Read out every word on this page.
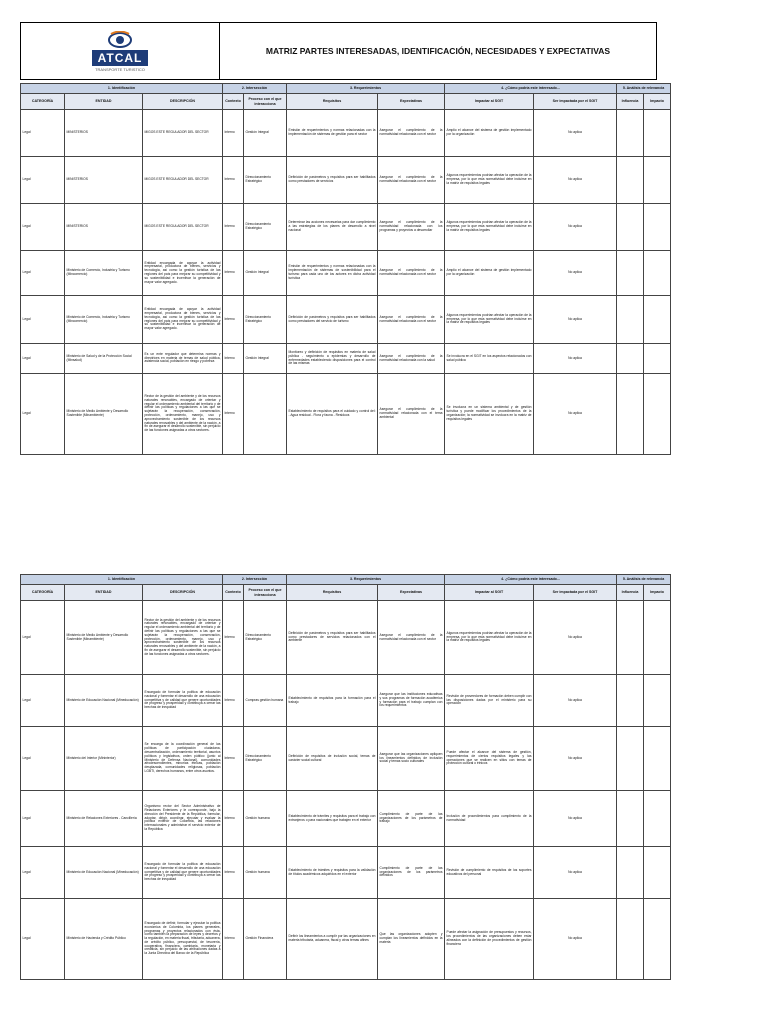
ATCAL
TRANSPORTE TURISTICO
MATRIZ PARTES INTERESADAS, IDENTIFICACIÓN, NECESIDADES Y EXPECTATIVAS
1. Identificación			2. Intersección		3. Requerimientos		4. ¿Cómo podría este interesado...		5. Análisis de relevancia	
CATEGORÍA	ENTIDAD	DESCRIPCIÓN	Contexto	Proceso con el que interacciona	Requisitos	Expectativas	Impactar al SGIT	Ser impactada por el SGIT	Influencia	Impacto
Legal	MINISTERIOS	MIGOS ESTE REGULADOR DEL SECTOR	Interno	Gestión Integral	Emisión de requerimientos y normas relacionadas con la implementación de sistemas de gestión para el sector	Asegurar el cumplimiento de la normatividad relacionada con el sector	Amplio el alcance del sistema de gestión implementado por la organización	No aplica		
Legal	MINISTERIOS	MIGOS ESTE REGULADOR DEL SECTOR	Interno	Direccionamiento Estratégico	Definición de parámetros y requisitos para ser habilitados como prestadores de servicios	Asegurar el cumplimiento de la normatividad relacionada con el sector	Algunos requerimientos podrían afectar la operación de la empresa, por lo que esta normatividad debe incluirse en la matriz de requisitos legales	No aplica		
Legal	MINISTERIOS	MIGOS ESTE REGULADOR DEL SECTOR	Interno	Direccionamiento Estratégico	Determinar las acciones necesarias para dar cumplimiento a las estrategias de los planes de desarrollo a nivel nacional	Asegurar el cumplimiento de la normatividad relacionada con los programas y proyectos a desarrollar	Algunos requerimientos podrían afectar la operación de la empresa, por lo que esta normatividad debe incluirse en la matriz de requisitos legales	No aplica		
Legal	Ministerio de Comercio, Industria y Turismo (Mincomercio)	Entidad encargada de apoyar la actividad empresarial, productora de bienes, servicios y tecnología, así como la gestión turística de las regiones del país para mejorar su competitividad y su sostenibilidad e incentivar la generación de mayor valor agregado.	Interno	Gestión Integral	Emisión de requerimientos y normas relacionadas con la implementación de sistemas de sostenibilidad para el turismo para cada uno de los actores en dicha actividad turística	Asegurar el cumplimiento de la normatividad relacionada con el sector	Amplio el alcance del sistema de gestión implementado por la organización	No aplica		
Legal	Ministerio de Comercio, Industria y Turismo (Mincomercio)	Entidad encargada de apoyar la actividad empresarial, productora de bienes, servicios y tecnología, así como la gestión turística de las regiones del país para mejorar su competitividad y su sostenibilidad e incentivar la generación de mayor valor agregado.	Interno	Direccionamiento Estratégico	Definición de parámetros y requisitos para ser habilitados como prestadores del servicio de turismo	Asegurar el cumplimiento de la normatividad relacionada con el sector	Algunos requerimientos podrían afectar la operación de la empresa, por lo que esta normatividad debe incluirse en la matriz de requisitos legales	No aplica		
Legal	Ministerio de Salud y de la Protección Social (Minsalud)	Es un ente regulador que determina normas y directrices en materia de temas de salud pública, asistencia social, población en riesgo y pobreza	Interno	Gestión Integral	Monitoreo y definición de requisitos en materia de salud pública - seguimiento a epidemias y desarrollo de enfermedades estableciendo disposiciones para el control de las mismas	Asegurar el cumplimiento de la normatividad relacionada con la salud	Se involucra en el SGIT en los aspectos relacionados con salud pública	No aplica		
Legal	Ministerio de Medio Ambiente y Desarrollo Sostenible (Minambiente)	Rector de la gestión del ambiente y de los recursos naturales renovables, encargado de orientar y regular el ordenamiento ambiental del territorio y de definir las políticas y regulaciones a las que se sujetarán la recuperación, conservación, protección, ordenamiento, manejo, uso y aprovechamiento sostenible de los recursos naturales renovables y del ambiente de la nación, a fin de asegurar el desarrollo sostenible, sin perjuicio de las funciones asignadas a otros sectores.	Interno		Establecimiento de requisitos para el cuidado y control del: - Agua residual - Flora y fauna - Residuos	Asegurar el cumplimiento de la normatividad relacionada con el tema ambiental	Se involucra en un sistema ambiental y de gestión turística y puede modificar los procedimientos de la organización; la normatividad se involucra en la matriz de requisitos legales	No aplica		
1. Identificación			2. Intersección		3. Requerimientos		4. ¿Cómo podría este interesado...		5. Análisis de relevancia	
CATEGORÍA	ENTIDAD	DESCRIPCIÓN	Contexto	Proceso con el que interacciona	Requisitos	Expectativas	Impactar al SGIT	Ser impactada por el SGIT	Influencia	Impacto
Legal	Ministerio de Medio Ambiente y Desarrollo Sostenible (Minambiente)	Rector de la gestión del ambiente y de los recursos naturales renovables, encargado de orientar y regular el ordenamiento ambiental del territorio y de definir las políticas y regulaciones a las que se sujetarán la recuperación, conservación, protección, ordenamiento, manejo, uso y aprovechamiento sostenible de los recursos naturales renovables y del ambiente de la nación, a fin de asegurar el desarrollo sostenible, sin perjuicio de las funciones asignadas a otros sectores.	Interno	Direccionamiento Estratégico	Definición de parámetros y requisitos para ser habilitados como prestadores de servicios relacionados con el ambiente	Asegurar el cumplimiento de la normatividad relacionada con el sector	Algunos requerimientos podrían afectar la operación de la empresa, por lo que esta normatividad debe incluirse en la matriz de requisitos legales	No aplica		
Legal	Ministerio de Educación Nacional (Mineducación)	Encargado de formular la política de educación nacional y fomentar el desarrollo de una educación competitiva y de calidad que genere oportunidades de progreso y prosperidad y contribuya a cerrar las brechas de inequidad	Interno	Compras gestión humana	Establecimiento de requisitos para la formación para el trabajo	Asegurar que las instituciones educativas y sus programas de formación académica y formación para el trabajo cumplan con los requerimientos	Revisión de proveedores de formación deben cumplir con las disposiciones dadas por el ministerio para su operación	No aplica		
Legal	Ministerio del Interior (Mininterior)	Se encarga de la coordinación general de las políticas de participación ciudadana, descentralización, ordenamiento territorial, asuntos políticos y legislativos, orden público (junto al Ministerio de Defensa Nacional), comunidades afrodescendientes, minorías étnicas, población desplazada, comunidades religiosas, población LGBTI, derechos humanos, entre otros asuntos.	Interno	Direccionamiento Estratégico	Definición de requisitos de inclusión social, temas de carácter social cultural	Asegurar que las organizaciones apliquen los lineamientos definidos de inclusión social y temas socio culturales	Puede afectar el alcance del sistema de gestión, requerimientos de ciertos requisitos legales y las operaciones que se realicen en sitios con temas de protección cultural o étnicos	No aplica		
Legal	Ministerio de Relaciones Exteriores - Cancillería	Organismo rector del Sector Administrativo de Relaciones Exteriores y le corresponde, bajo la dirección del Presidente de la República, formular, adoptar, dirigir, coordinar, ejecutar y evaluar la política exterior de Colombia, las relaciones internacionales y administrar el servicio exterior de la República	Interno	Gestión humana	Establecimiento de trámites y requisitos para el trabajo con extranjeros o para nacionales que trabajen en el exterior	Cumplimiento de parte de las organizaciones de los parámetros de trabajo	Inclusión de procedimientos para cumplimiento de la normatividad	No aplica		
Legal	Ministerio de Educación Nacional (Mineducación)	Encargado de formular la política de educación nacional y fomentar el desarrollo de una educación competitiva y de calidad que genere oportunidades de progreso y prosperidad y contribuya a cerrar las brechas de inequidad	Interno	Gestión humana	Establecimiento de trámites y requisitos para la validación de títulos académicos adquiridos en el exterior	Cumplimiento de parte de las organizaciones de los parámetros definidos	Revisión de cumplimiento de requisitos de los soportes educativos del personal	No aplica		
Legal	Ministerio de Hacienda y Crédito Público	Encargado de definir, formular y ejecutar la política económica de Colombia, los planes generales, programas y proyectos relacionados con ésta, como también la preparación de leyes y decretos y la regulación, en materia fiscal, tributaria, aduanera, de crédito público, presupuestal, de tesorería, cooperativa, financiera, cambiaria, monetaria y crediticia, sin perjuicio de las atribuciones dadas a la Junta Directiva del Banco de la República	Interno	Gestión Financiera	Definir los lineamientos a cumplir por las organizaciones en materia tributaria, aduanera, fiscal y otros temas afines	Que las organizaciones adopten y cumplan los lineamientos definidos en la materia	Puede afectar la asignación de presupuestos y recursos, los procedimientos de las organizaciones deben estar alineados con la definición de procedimientos de gestión financiera	No aplica		
